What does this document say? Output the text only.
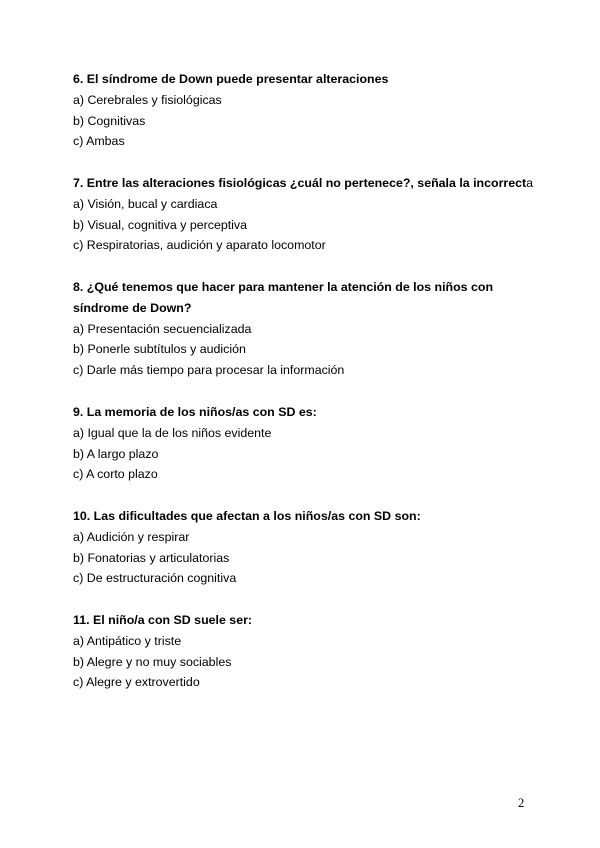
6. El síndrome de Down puede presentar alteraciones

a) Cerebrales y fisiológicas

b) Cognitivas

c) Ambas

7. Entre las alteraciones fisiológicas ¿cuál no pertenece?, señala la incorrecta

a) Visión, bucal y cardiaca

b) Visual, cognitiva y perceptiva

c) Respiratorias, audición y aparato locomotor

8. ¿Qué tenemos que hacer para mantener la atención de los niños con

síndrome de Down?

a) Presentación secuencializada

b) Ponerle subtítulos y audición

c) Darle más tiempo para procesar la información

9. La memoria de los niños/as con SD es:

a) Igual que la de los niños evidente

b) A largo plazo

c) A corto plazo

10. Las dificultades que afectan a los niños/as con SD son:

a) Audición y respirar

b) Fonatorias y articulatorias

c) De estructuración cognitiva

11. El niño/a con SD suele ser:

a) Antipático y triste

b) Alegre y no muy sociables

c) Alegre y extrovertido

2
